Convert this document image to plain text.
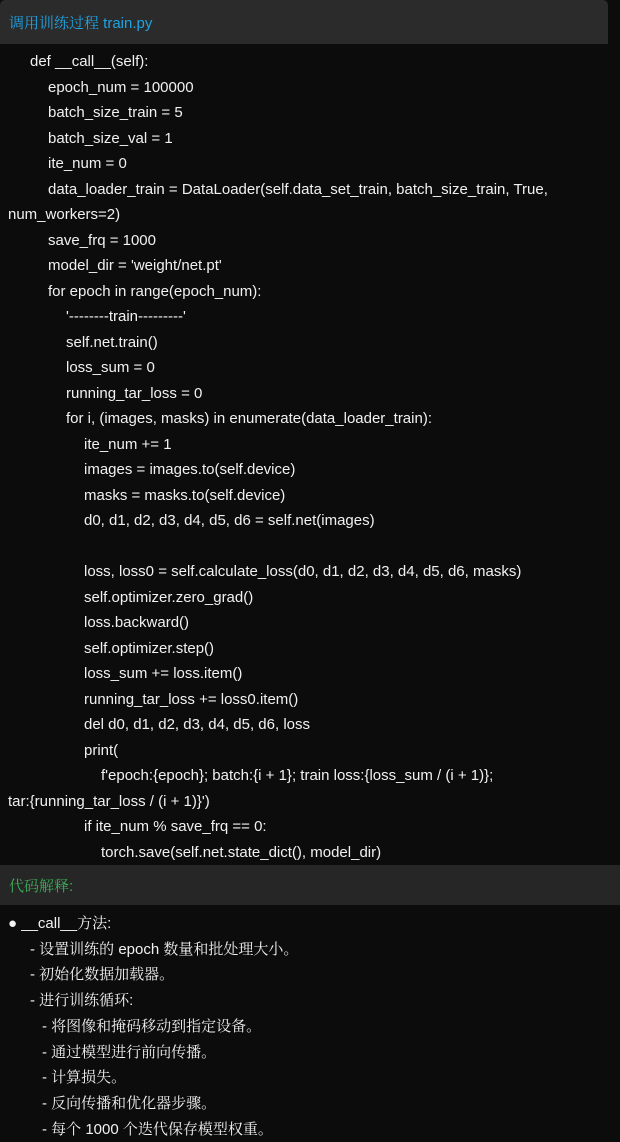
调用训练过程 train.py
def __call__(self):
epoch_num = 100000
batch_size_train = 5
batch_size_val = 1
ite_num = 0
data_loader_train = DataLoader(self.data_set_train, batch_size_train, True,
num_workers=2)
save_frq = 1000
model_dir = 'weight/net.pt'
for epoch in range(epoch_num):
'--------train---------'
self.net.train()
loss_sum = 0
running_tar_loss = 0
for i, (images, masks) in enumerate(data_loader_train):
ite_num += 1
images = images.to(self.device)
masks = masks.to(self.device)
d0, d1, d2, d3, d4, d5, d6 = self.net(images)
loss, loss0 = self.calculate_loss(d0, d1, d2, d3, d4, d5, d6, masks)
self.optimizer.zero_grad()
loss.backward()
self.optimizer.step()
loss_sum += loss.item()
running_tar_loss += loss0.item()
del d0, d1, d2, d3, d4, d5, d6, loss
print(
f'epoch:{epoch}; batch:{i + 1}; train loss:{loss_sum / (i + 1)};
tar:{running_tar_loss / (i + 1)}')
if ite_num % save_frq == 0:
torch.save(self.net.state_dict(), model_dir)
代码解释:
● __call__方法:
- 设置训练的 epoch 数量和批处理大小。
- 初始化数据加载器。
- 进行训练循环:
- 将图像和掩码移动到指定设备。
- 通过模型进行前向传播。
- 计算损失。
- 反向传播和优化器步骤。
- 每个 1000 个迭代保存模型权重。
